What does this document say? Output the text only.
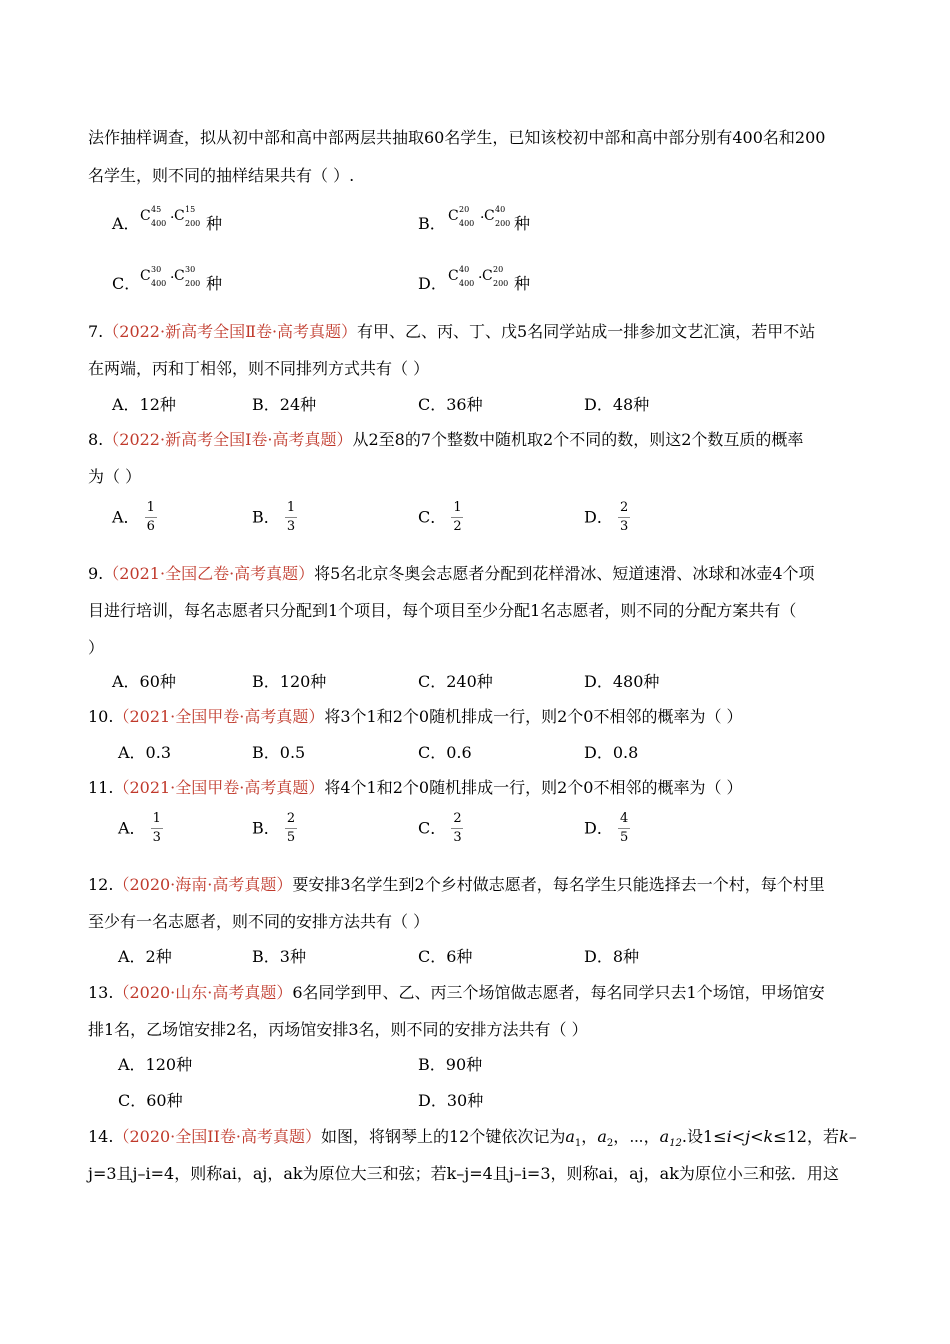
法作抽样调查，拟从初中部和高中部两层共抽取60名学生，已知该校初中部和高中部分别有400名和200
名学生，则不同的抽样结果共有（ ）.
A． C 45
400 · C 15
200 种	B． C 20
400 · C 40
200 种
C． C 30
400 · C 30
200 种	D． C 40
400 · C 20
200 种
7.（2022·新高考全国Ⅱ卷·高考真题）有甲、乙、丙、丁、戊5名同学站成一排参加文艺汇演，若甲不站
在两端，丙和丁相邻，则不同排列方式共有（ ）
A．12种	B．24种	C．36种	D．48种
8.（2022·新高考全国Ⅰ卷·高考真题）从2至8的7个整数中随机取2个不同的数，则这2个数互质的概率
为（ ）
A． $\frac{1}{6}$	B． $\frac{1}{3}$	C． $\frac{1}{2}$	D． $\frac{2}{3}$
9.（2021·全国乙卷·高考真题）将5名北京冬奥会志愿者分配到花样滑冰、短道速滑、冰球和冰壶4个项
目进行培训，每名志愿者只分配到1个项目，每个项目至少分配1名志愿者，则不同的分配方案共有（
）
A．60种	B．120种	C．240种	D．480种
10.（2021·全国甲卷·高考真题）将3个1和2个0随机排成一行，则2个0不相邻的概率为（ ）
A．0.3	B．0.5	C．0.6	D．0.8
11.（2021·全国甲卷·高考真题）将4个1和2个0随机排成一行，则2个0不相邻的概率为（ ）
A． $\frac{1}{3}$	B． $\frac{2}{5}$	C． $\frac{2}{3}$	D． $\frac{4}{5}$
12.（2020·海南·高考真题）要安排3名学生到2个乡村做志愿者，每名学生只能选择去一个村，每个村里
至少有一名志愿者，则不同的安排方法共有（ ）
A．2种	B．3种	C．6种	D．8种
13.（2020·山东·高考真题）6名同学到甲、乙、丙三个场馆做志愿者，每名同学只去1个场馆，甲场馆安
排1名，乙场馆安排2名，丙场馆安排3名，则不同的安排方法共有（ ）
A．120种	B．90种
C．60种	D．30种
14.（2020·全国II卷·高考真题）如图，将钢琴上的12个键依次记为$a_1$，$a_2$，⋯，$a_{12}$.设1≤i<j<k≤12，若k–
j=3且j–i=4，则称ai，aj，ak为原位大三和弦；若k–j=4且j–i=3，则称ai，aj，ak为原位小三和弦．用这
